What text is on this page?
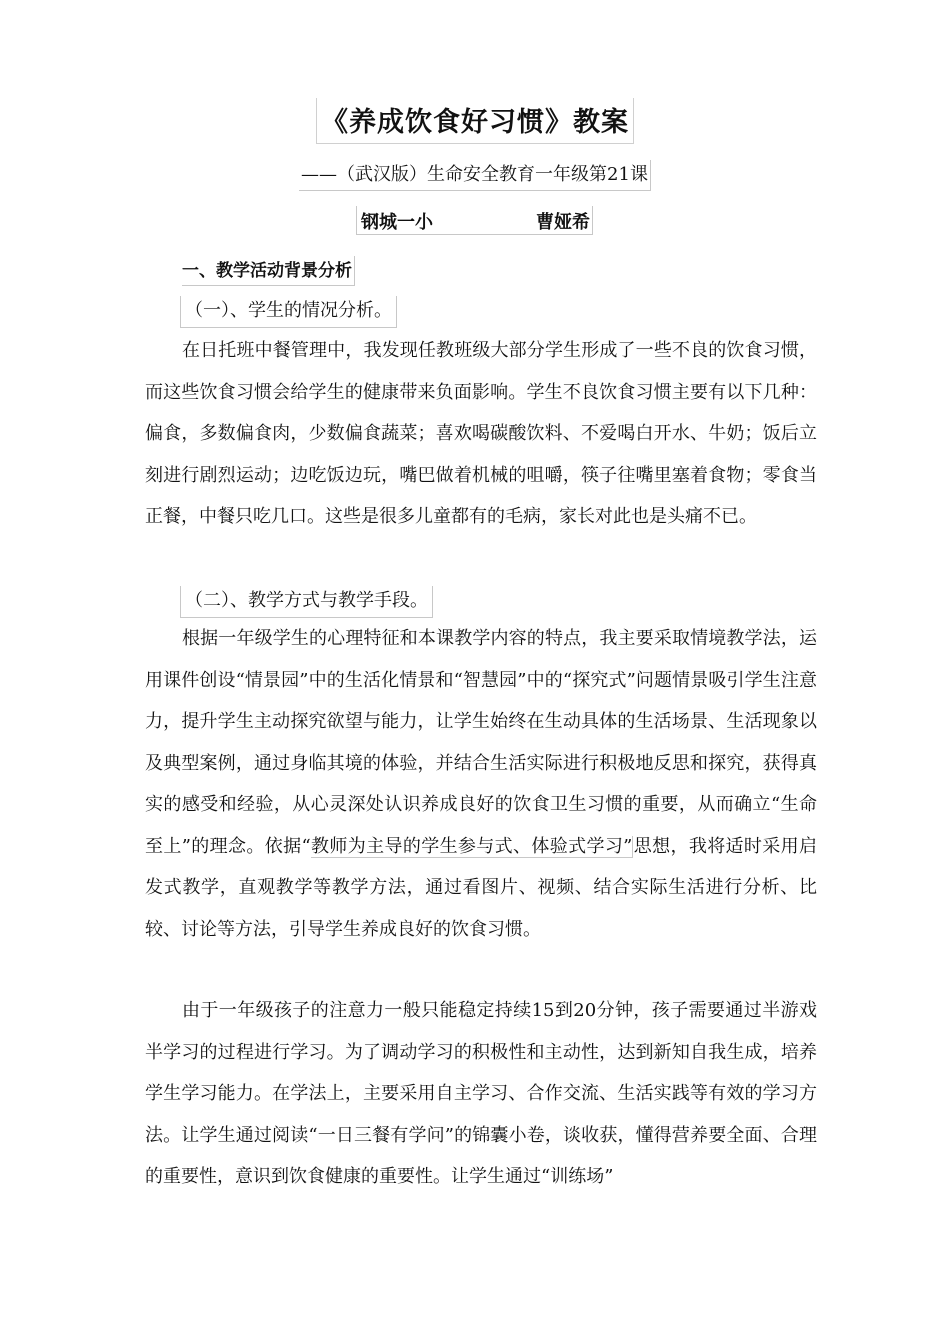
《养成饮食好习惯》教案
——（武汉版）生命安全教育一年级第21课
钢城一小	曹娅希
一、教学活动背景分析
（一）、学生的情况分析。

在日托班中餐管理中，我发现任教班级大部分学生形成了一些不良的饮食习惯，而这些饮食习惯会给学生的健康带来负面影响。学生不良饮食习惯主要有以下几种：偏食，多数偏食肉，少数偏食蔬菜；喜欢喝碳酸饮料、不爱喝白开水、牛奶；饭后立刻进行剧烈运动；边吃饭边玩，嘴巴做着机械的咀嚼，筷子往嘴里塞着食物；零食当正餐，中餐只吃几口。这些是很多儿童都有的毛病，家长对此也是头痛不已。

（二）、教学方式与教学手段。

根据一年级学生的心理特征和本课教学内容的特点，我主要采取情境教学法，运用课件创设“情景园”中的生活化情景和“智慧园”中的“探究式”问题情景吸引学生注意力，提升学生主动探究欲望与能力，让学生始终在生动具体的生活场景、生活现象以及典型案例，通过身临其境的体验，并结合生活实际进行积极地反思和探究，获得真实的感受和经验，从心灵深处认识养成良好的饮食卫生习惯的重要，从而确立“生命至上”的理念。依据“教师为主导的学生参与式、体验式学习”思想，我将适时采用启发式教学，直观教学等教学方法，通过看图片、视频、结合实际生活进行分析、比较、讨论等方法，引导学生养成良好的饮食习惯。

由于一年级孩子的注意力一般只能稳定持续15到20分钟，孩子需要通过半游戏半学习的过程进行学习。为了调动学习的积极性和主动性，达到新知自我生成，培养学生学习能力。在学法上，主要采用自主学习、合作交流、生活实践等有效的学习方法。让学生通过阅读“一日三餐有学问”的锦囊小卷，谈收获，懂得营养要全面、合理的重要性，意识到饮食健康的重要性。让学生通过“训练场”
